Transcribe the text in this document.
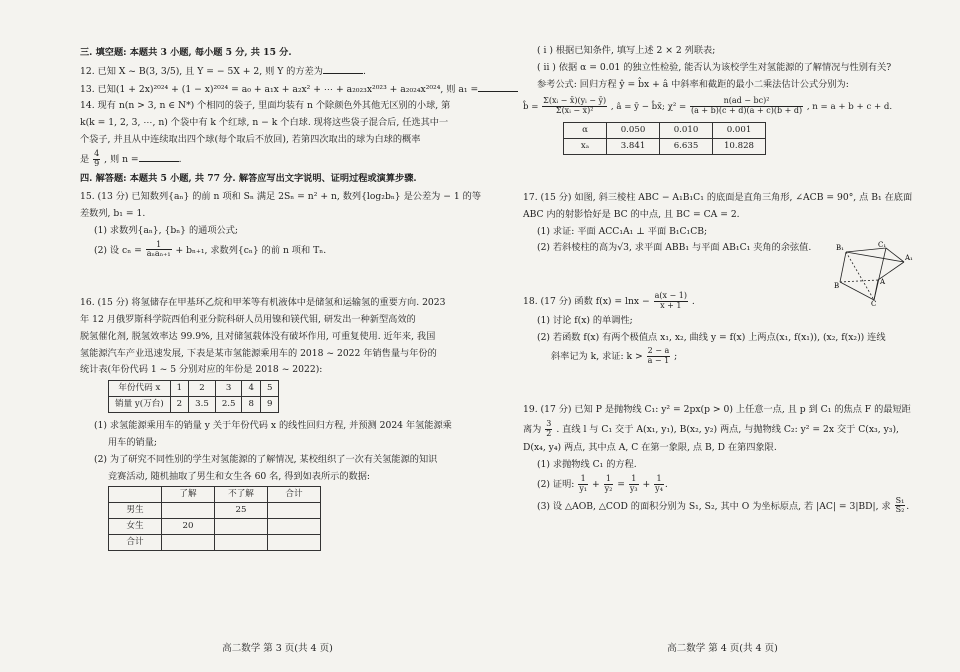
三. 填空题: 本题共 3 小题, 每小题 5 分, 共 15 分.

12. 已知 X ~ B(3, 3/5), 且 Y = − 5X + 2, 则 Y 的方差为	.

13. 已知(1 + 2x)²⁰²⁴ + (1 − x)²⁰²⁴ = a₀ + a₁x + a₂x² + ⋯ + a₂₀₂₃x²⁰²³ + a₂₀₂₄x²⁰²⁴, 则 a₁ =

14. 现有 n(n > 3, n ∈ N*) 个相同的袋子, 里面均装有 n 个除颜色外其他无区别的小球, 第

k(k = 1, 2, 3, ⋯, n) 个袋中有 k 个红球, n − k 个白球. 现将这些袋子混合后, 任选其中一

个袋子, 并且从中连续取出四个球(每个取后不放回), 若第四次取出的球为白球的概率

是 $\frac{4}{9}$ , 则 n =	.

四. 解答题: 本题共 5 小题, 共 77 分. 解答应写出文字说明、证明过程或演算步骤.

15. (13 分) 已知数列{aₙ} 的前 n 项和 Sₙ 满足 2Sₙ = n² + n, 数列{log₂bₙ} 是公差为 − 1 的等

差数列, b₁ = 1.

(1) 求数列{aₙ}, {bₙ} 的通项公式;

(2) 设 $c_n = \frac{1}{\text{aₙaₙ₊₁}} + b_{n+1}$, 求数列{cₙ} 的前 n 项和 Tₙ.

16. (15 分) 将氢储存在甲基环乙烷和甲苯等有机液体中是储氢和运输氢的重要方向. 2023

年 12 月俄罗斯科学院西伯利亚分院科研人员用镍和镁代钼, 研发出一种新型高效的

脱氢催化剂, 脱氢效率达 99.9%, 且对储氢载体没有破坏作用, 可重复使用. 近年来, 我国

氢能源汽车产业迅速发展, 下表是某市氢能源乘用车的 2018 ~ 2022 年销售量与年份的

统计表(年份代码 1 ~ 5 分别对应的年份是 2018 ~ 2022):

年份代码 x	1	2	3	4	5
销量 y(万台)	2	3.5	2.5	8	9

(1) 求氢能源乘用车的销量 y 关于年份代码 x 的线性回归方程, 并预测 2024 年氢能源乘

用车的销量;

(2) 为了研究不同性别的学生对氢能源的了解情况, 某校组织了一次有关氢能源的知识

竞赛活动, 随机抽取了男生和女生各 60 名, 得到如表所示的数据:

	了解	不了解	合计
男生		25	
女生	20		
合计			
高二数学 第 3 页(共 4 页)

( i ) 根据已知条件, 填写上述 2 × 2 列联表;

( ii ) 依据 α = 0.01 的独立性检验, 能否认为该校学生对氢能源的了解情况与性别有关?

参考公式: 回归方程 ŷ = b̂x + â 中斜率和截距的最小二乘法估计公式分别为:

b̂ = $\frac{\text{Σ(xᵢ − x̄)(yᵢ − ȳ)}}{\text{Σ(xᵢ − x̄)²}}$ , â = ȳ − b̂x̄; $\chi^2 = \frac{\text{n(ad − bc)²}}{(a + b)(c + d)(a + c)(b + d)}$ , n = a + b + c + d.

α	0.050	0.010	0.001
xₐ	3.841	6.635	10.828

17. (15 分) 如图, 斜三棱柱 ABC − A₁B₁C₁ 的底面是直角三角形, ∠ACB = 90°, 点 B₁ 在底面

ABC 内的射影恰好是 BC 的中点, 且 BC = CA = 2.

(1) 求证: 平面 ACC₁A₁ ⊥ 平面 B₁C₁CB;

(2) 若斜棱柱的高为√3, 求平面 ABB₁ 与平面 AB₁C₁ 夹角的余弦值.	B₁	C₁
A₁
B	A
C

18. (17 分) 函数 $f(x) = \ln x - \frac{a(x - 1)}{x + 1}$ .

(1) 讨论 f(x) 的单调性;

(2) 若函数 f(x) 有两个极值点 x₁, x₂, 曲线 y = f(x) 上两点(x₁, f(x₁)), (x₂, f(x₂)) 连线

斜率记为 k, 求证: $k > \frac{2 - a}{a - 1}$ ;

19. (17 分) 已知 P 是抛物线 C₁: y² = 2px(p > 0) 上任意一点, 且 p 到 C₁ 的焦点 F 的最短距

离为 $\frac{3}{2}$ . 直线 l 与 C₁ 交于 A(x₁, y₁), B(x₂, y₂) 两点, 与抛物线 C₂: y² = 2x 交于 C(x₃, y₃),

D(x₄, y₄) 两点, 其中点 A, C 在第一象限, 点 B, D 在第四象限.

(1) 求抛物线 C₁ 的方程.

(2) 证明: $\frac{1}{\text{y₁}} + \frac{1}{\text{y₂}} = \frac{1}{\text{y₃}} + \frac{1}{\text{y₄}}$ .

(3) 设 △AOB, △COD 的面积分别为 S₁, S₂, 其中 O 为坐标原点, 若 |AC| = 3|BD|, 求 $\frac{\text{S₁}}{\text{S₂}}$ .

高二数学 第 4 页(共 4 页)
